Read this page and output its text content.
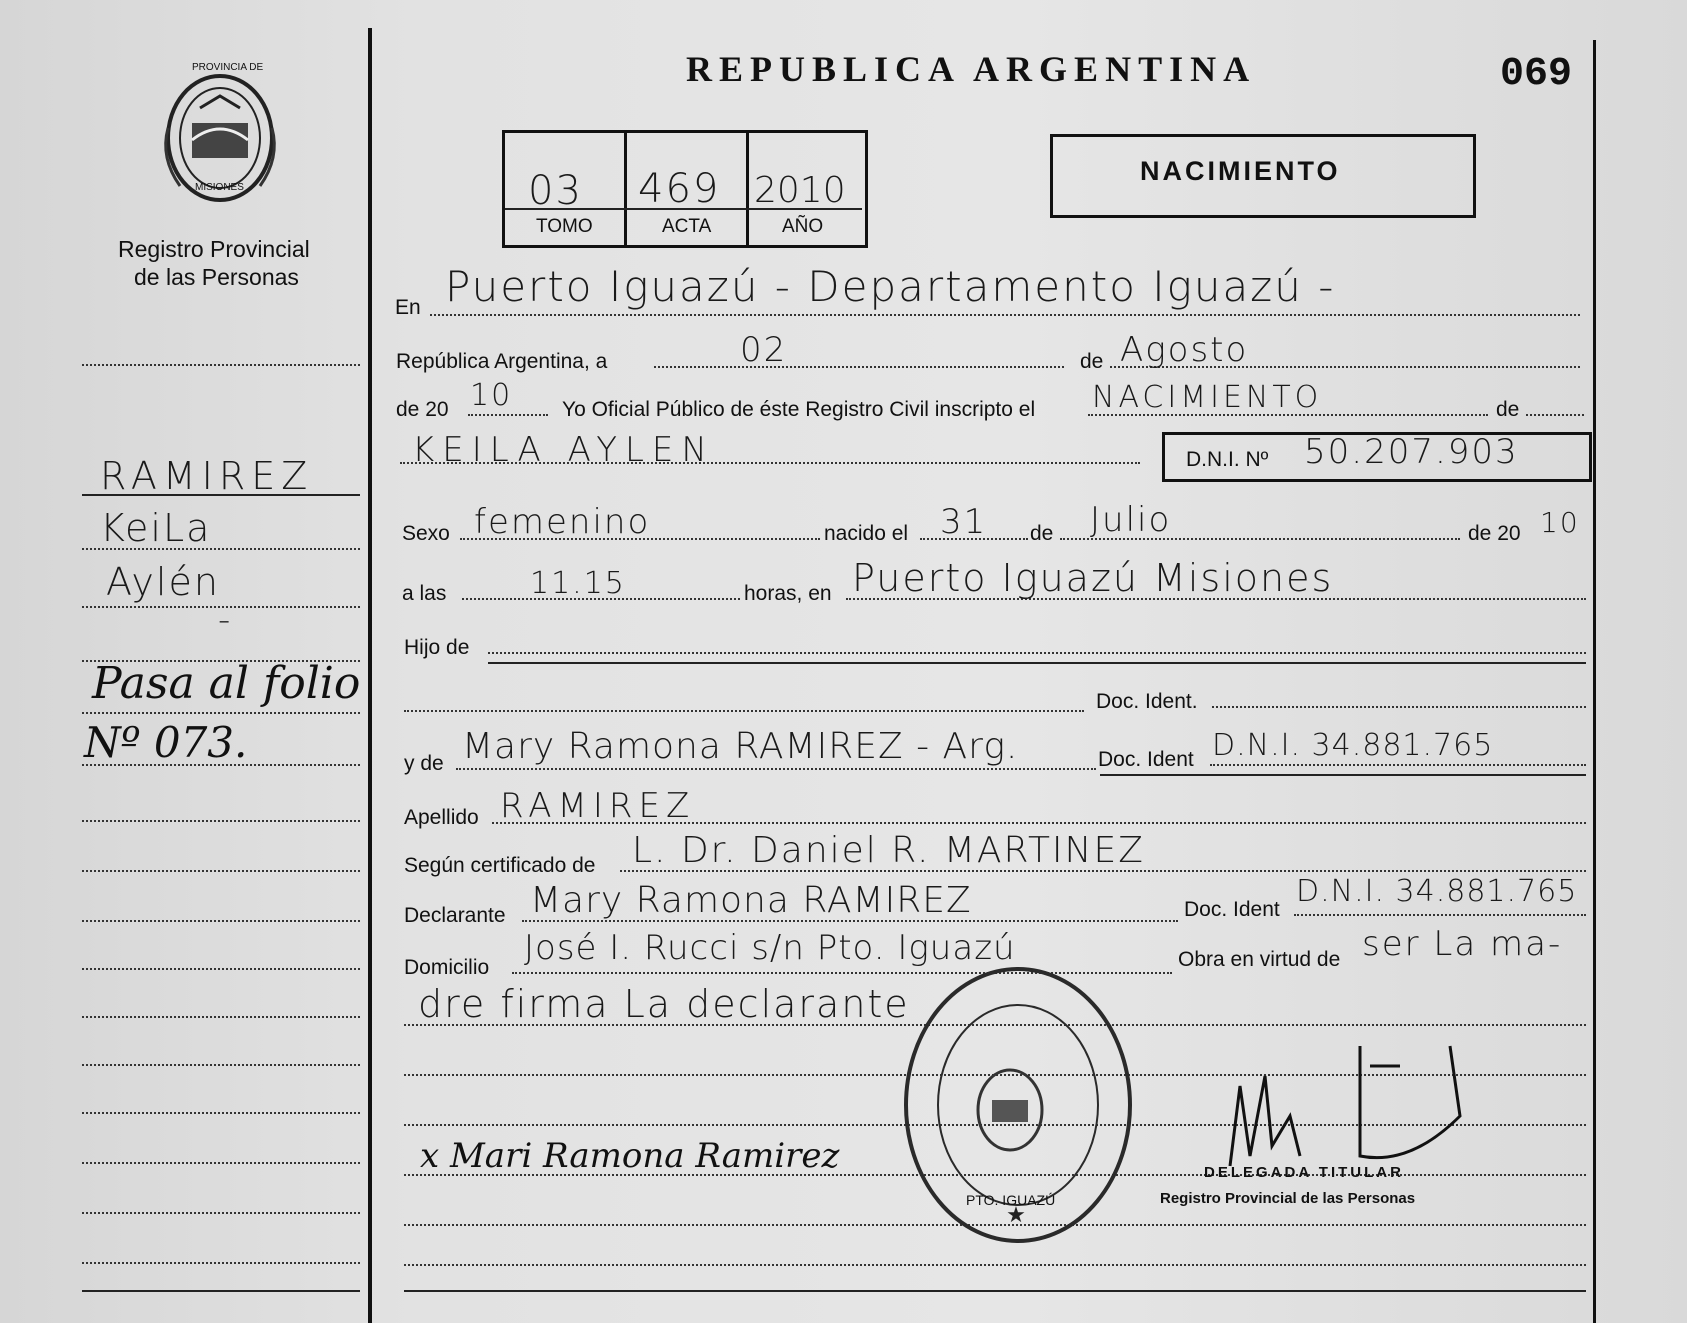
PROVINCIA DE
MISIONES
Registro Provincial
de las Personas
REPUBLICA ARGENTINA	069
03 469 2010
TOMO	ACTA	AÑO
NACIMIENTO
En Puerto Iguazú - Departamento Iguazú -
República Argentina, a	de
02	Agosto
de 20 10 Yo Oficial Público de éste Registro Civil inscripto el NACIMIENTO	de
KEILA AYLEN	D.N.I. Nº 50.207.903
Sexo femenino	nacido el 31 de Julio	de 20 10
a las	11.15	horas, en Puerto Iguazú Misiones
Hijo de
Doc. Ident.
y de Mary Ramona RAMIREZ - Arg.	Doc. Ident D.N.I. 34.881.765
Apellido RAMIREZ
Según certificado de L. Dr. Daniel R. MARTINEZ
Declarante Mary Ramona RAMIREZ	Doc. Ident
D.N.I. 34.881.765
Domicilio José I. Rucci s/n Pto. Iguazú	Obra en virtud de ser La ma-
dre firma La declarante
x Mari Ramona Ramirez
★
PTO. IGUAZÚ
DELEGADA TITULAR
Registro Provincial de las Personas
RAMIREZ
KeiLa
Aylén
-
Pasa al folio
Nº 073.
